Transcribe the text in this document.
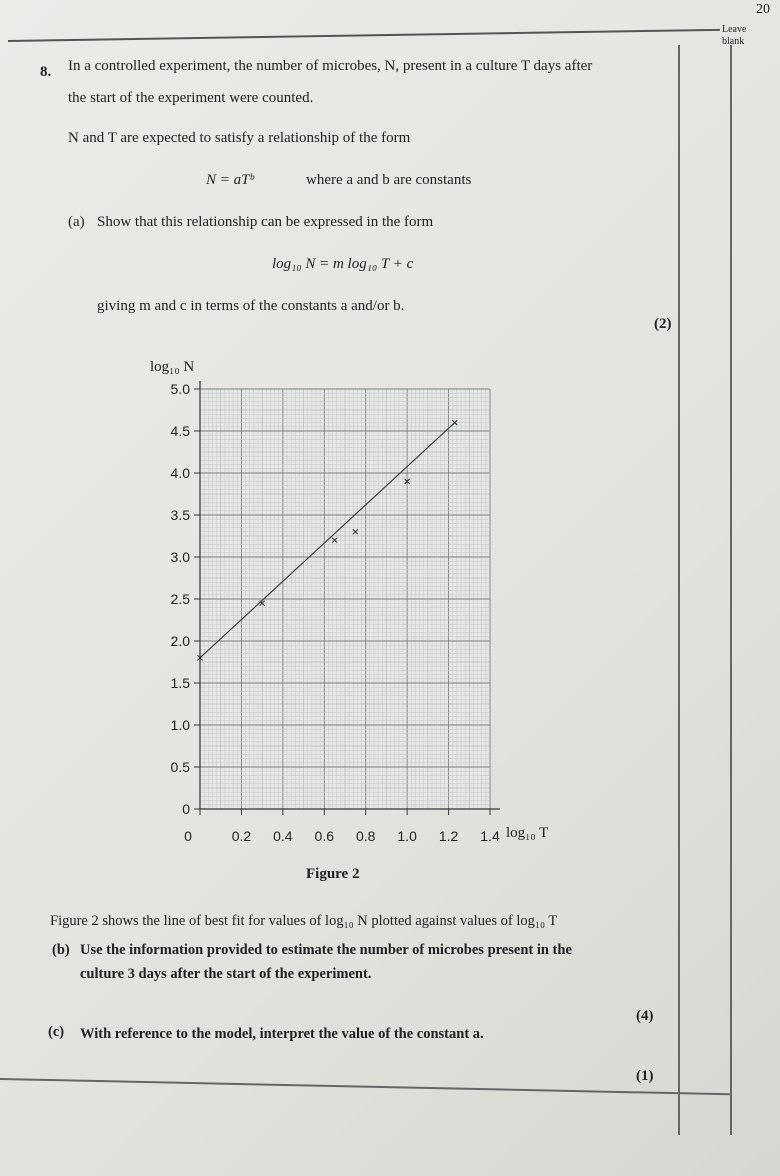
20
Leave blank
8. In a controlled experiment, the number of microbes, N, present in a culture T days after
the start of the experiment were counted.
N and T are expected to satisfy a relationship of the form
N = aTᵇ	where a and b are constants
(a) Show that this relationship can be expressed in the form
log₁₀ N = m log₁₀ T + c
giving m and c in terms of the constants a and/or b.
(2)
0
0.5
1.0
1.5
2.0
2.5
3.0
3.5
4.0
4.5
5.0
0	0.2 0.4 0.6 0.8 1.0 1.2 1.4
log₁₀ N
log₁₀ T
Figure 2
Figure 2 shows the line of best fit for values of log₁₀ N plotted against values of log₁₀ T
(b) Use the information provided to estimate the number of microbes present in the
culture 3 days after the start of the experiment.
(4)
(c) With reference to the model, interpret the value of the constant a.
(1)
